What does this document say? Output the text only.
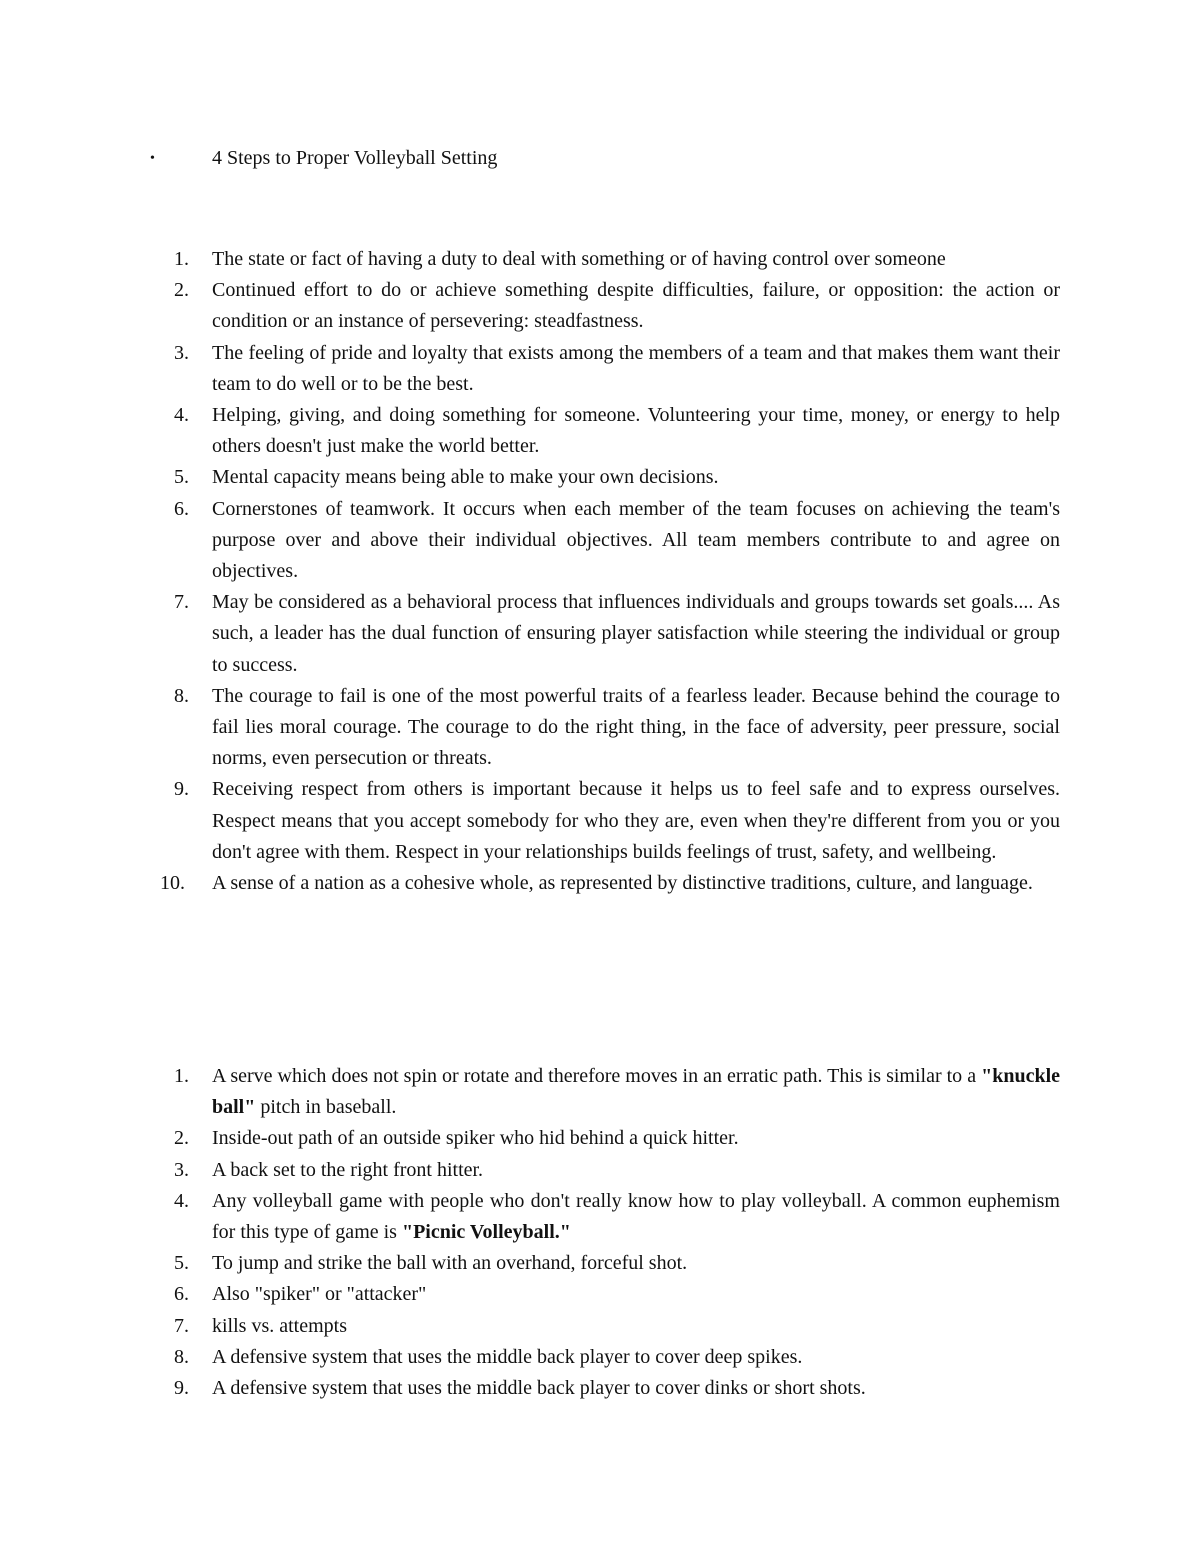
•	4 Steps to Proper Volleyball Setting
1.	The state or fact of having a duty to deal with something or of having control over someone
2.	Continued effort to do or achieve something despite difficulties, failure, or opposition: the action or condition or an instance of persevering: steadfastness.
3.	The feeling of pride and loyalty that exists among the members of a team and that makes them want their team to do well or to be the best.
4.	Helping, giving, and doing something for someone. Volunteering your time, money, or energy to help others doesn't just make the world better.
5.	Mental capacity means being able to make your own decisions.
6.	Cornerstones of teamwork. It occurs when each member of the team focuses on achieving the team's purpose over and above their individual objectives. All team members contribute to and agree on objectives.
7.	May be considered as a behavioral process that influences individuals and groups towards set goals.... As such, a leader has the dual function of ensuring player satisfaction while steering the individual or group to success.
8.	The courage to fail is one of the most powerful traits of a fearless leader. Because behind the courage to fail lies moral courage. The courage to do the right thing, in the face of adversity, peer pressure, social norms, even persecution or threats.
9.	Receiving respect from others is important because it helps us to feel safe and to express ourselves. Respect means that you accept somebody for who they are, even when they're different from you or you don't agree with them. Respect in your relationships builds feelings of trust, safety, and wellbeing.
10.	A sense of a nation as a cohesive whole, as represented by distinctive traditions, culture, and language.
1.	A serve which does not spin or rotate and therefore moves in an erratic path. This is similar to a "knuckle ball" pitch in baseball.
2.	Inside-out path of an outside spiker who hid behind a quick hitter.
3.	A back set to the right front hitter.
4.	Any volleyball game with people who don't really know how to play volleyball. A common euphemism for this type of game is "Picnic Volleyball."
5.	To jump and strike the ball with an overhand, forceful shot.
6.	Also "spiker" or "attacker"
7.	kills vs. attempts
8.	A defensive system that uses the middle back player to cover deep spikes.
9.	A defensive system that uses the middle back player to cover dinks or short shots.
